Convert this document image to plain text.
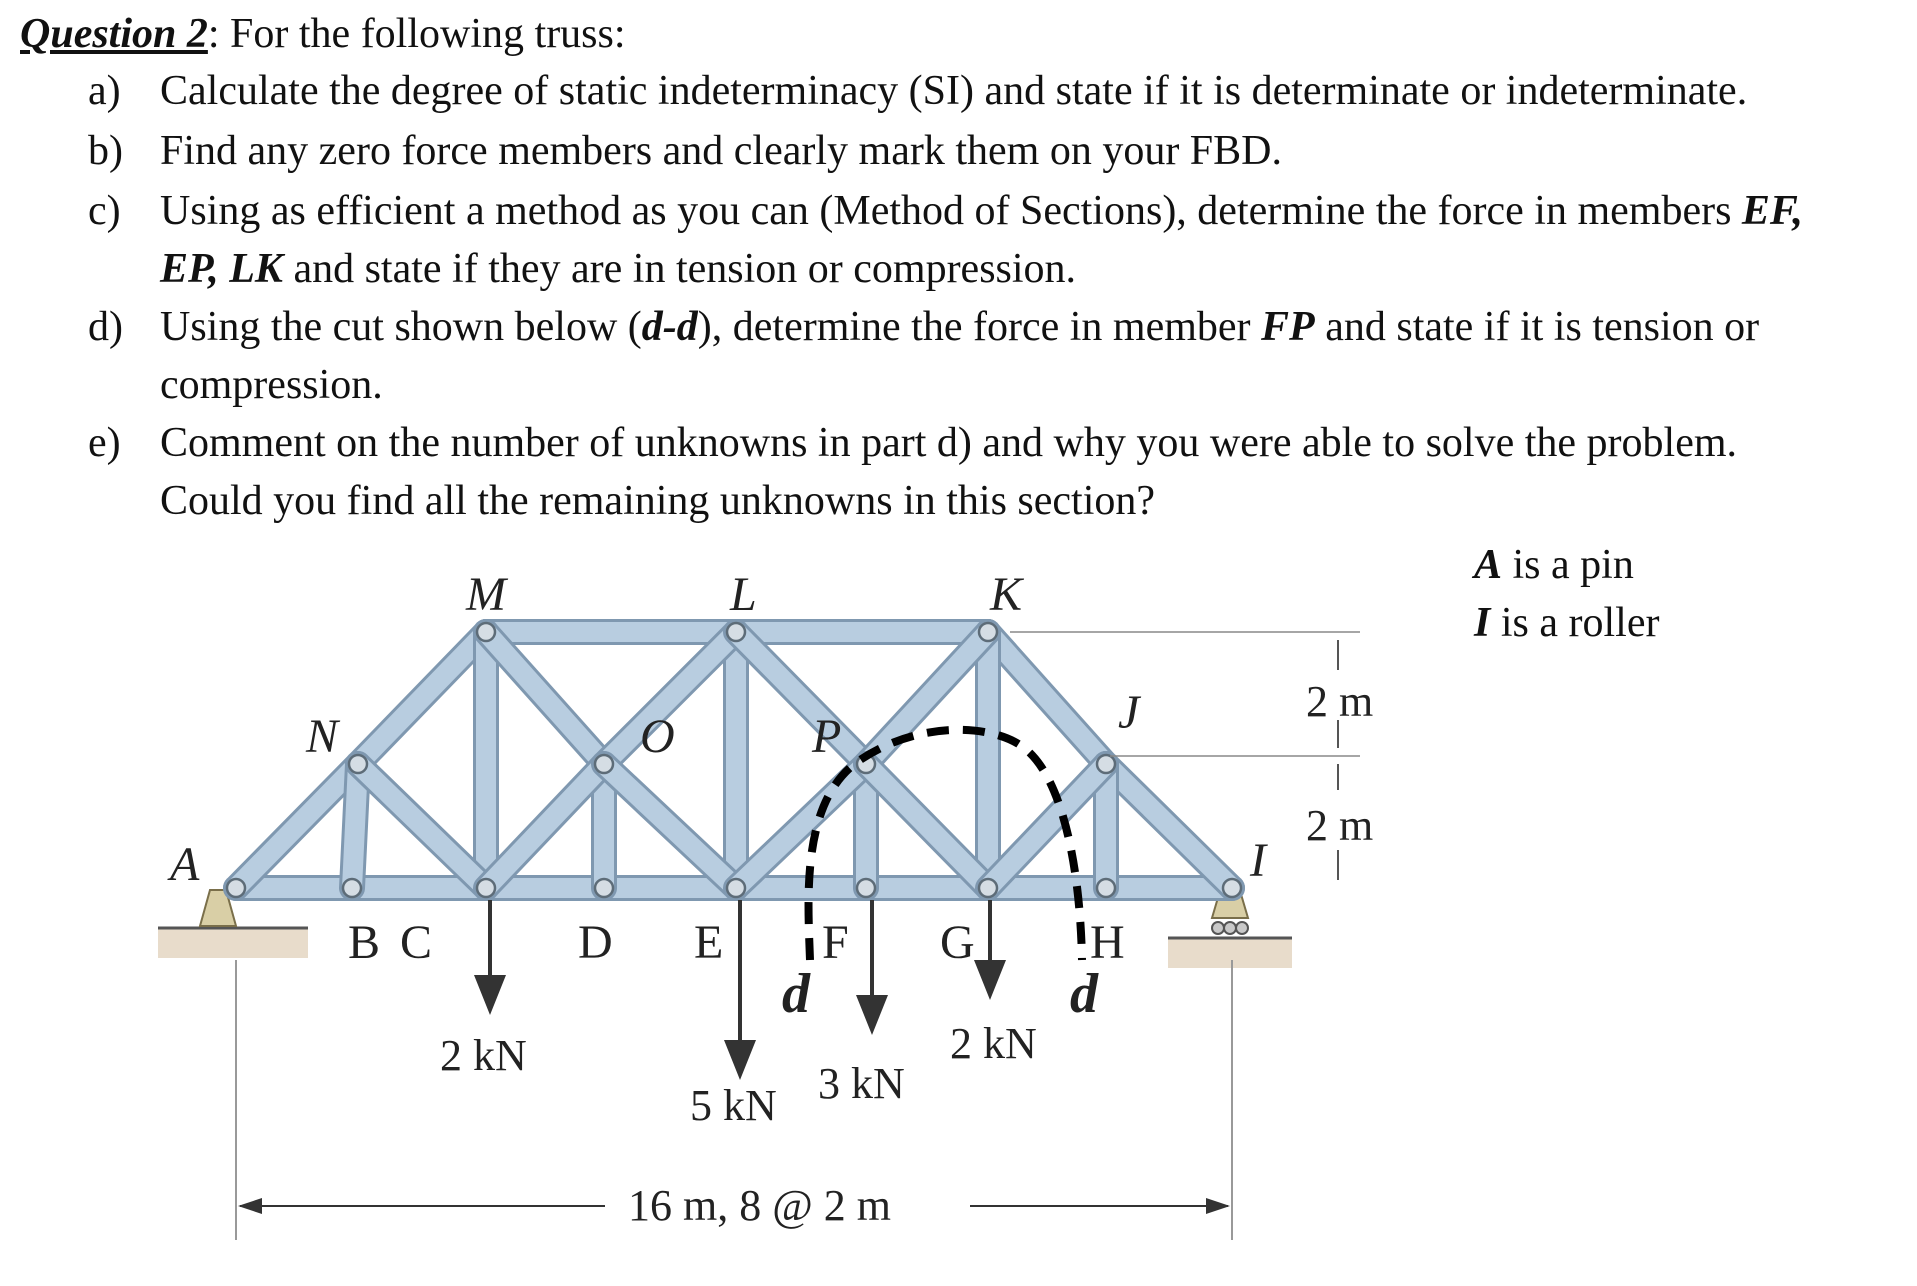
Question 2: For the following truss:
a) Calculate the degree of static indeterminacy (SI) and state if it is determinate or indeterminate.
b) Find any zero force members and clearly mark them on your FBD.
c) Using as efficient a method as you can (Method of Sections), determine the force in members EF,
EP, LK and state if they are in tension or compression.
d) Using the cut shown below (d-d), determine the force in member FP and state if it is tension or
compression.
e) Comment on the number of unknowns in part d) and why you were able to solve the problem.
Could you find all the remaining unknowns in this section?
A is a pin
I is a roller
2 kN
5 kN 3 kN
2 kN
M	L	K
N	O	P	J
A	I
B C	D E F G H
d	d
2 m
2 m
16 m, 8 @ 2 m
